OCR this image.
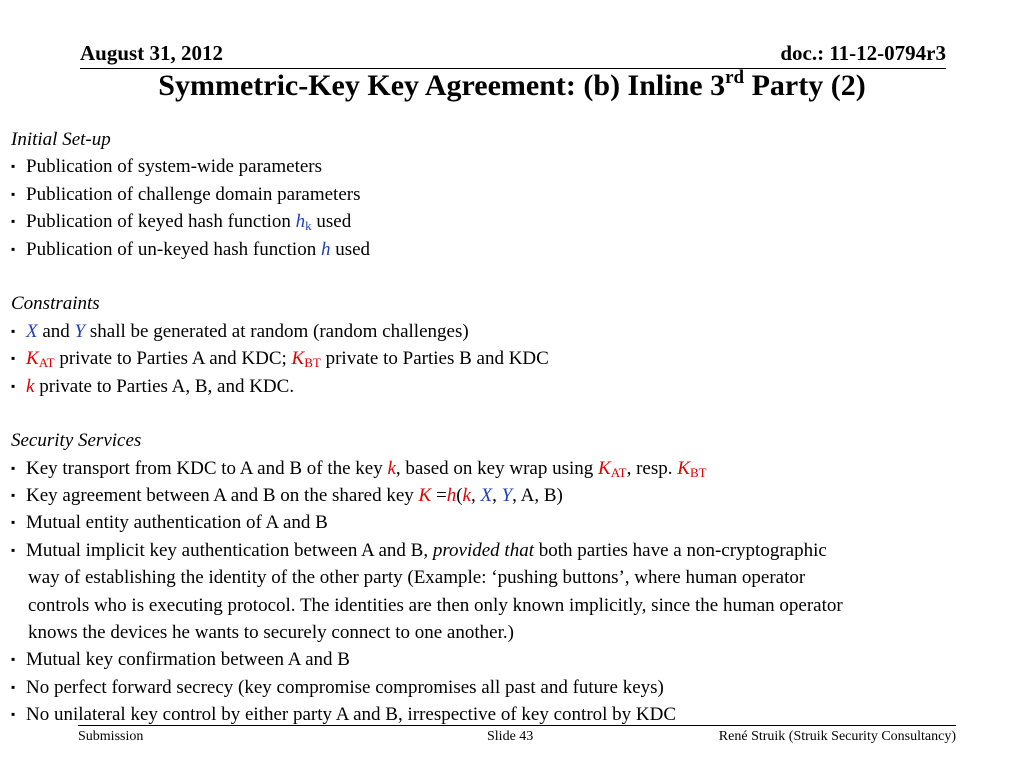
August 31, 2012	doc.: 11-12-0794r3
Symmetric-Key Key Agreement: (b) Inline 3rd Party (2)
Initial Set-up
▪ Publication of system-wide parameters
▪ Publication of challenge domain parameters
▪ Publication of keyed hash function $h_k$ used
▪ Publication of un-keyed hash function h used
Constraints
▪ X and Y shall be generated at random (random challenges)
▪ $K_{AT}$ private to Parties A and KDC; $K_{BT}$ private to Parties B and KDC
▪ k private to Parties A, B, and KDC.
Security Services
▪ Key transport from KDC to A and B of the key k, based on key wrap using $K_{AT}$, resp. $K_{BT}$
▪ Key agreement between A and B on the shared key K =h(k, X, Y, A, B)
▪ Mutual entity authentication of A and B
▪ Mutual implicit key authentication between A and B, provided that both parties have a non-cryptographic
way of establishing the identity of the other party (Example: ‘pushing buttons’, where human operator
controls who is executing protocol. The identities are then only known implicitly, since the human operator
knows the devices he wants to securely connect to one another.)
▪ Mutual key confirmation between A and B
▪ No perfect forward secrecy (key compromise compromises all past and future keys)
▪ No unilateral key control by either party A and B, irrespective of key control by KDC
Submission	Slide 43	René Struik (Struik Security Consultancy)
